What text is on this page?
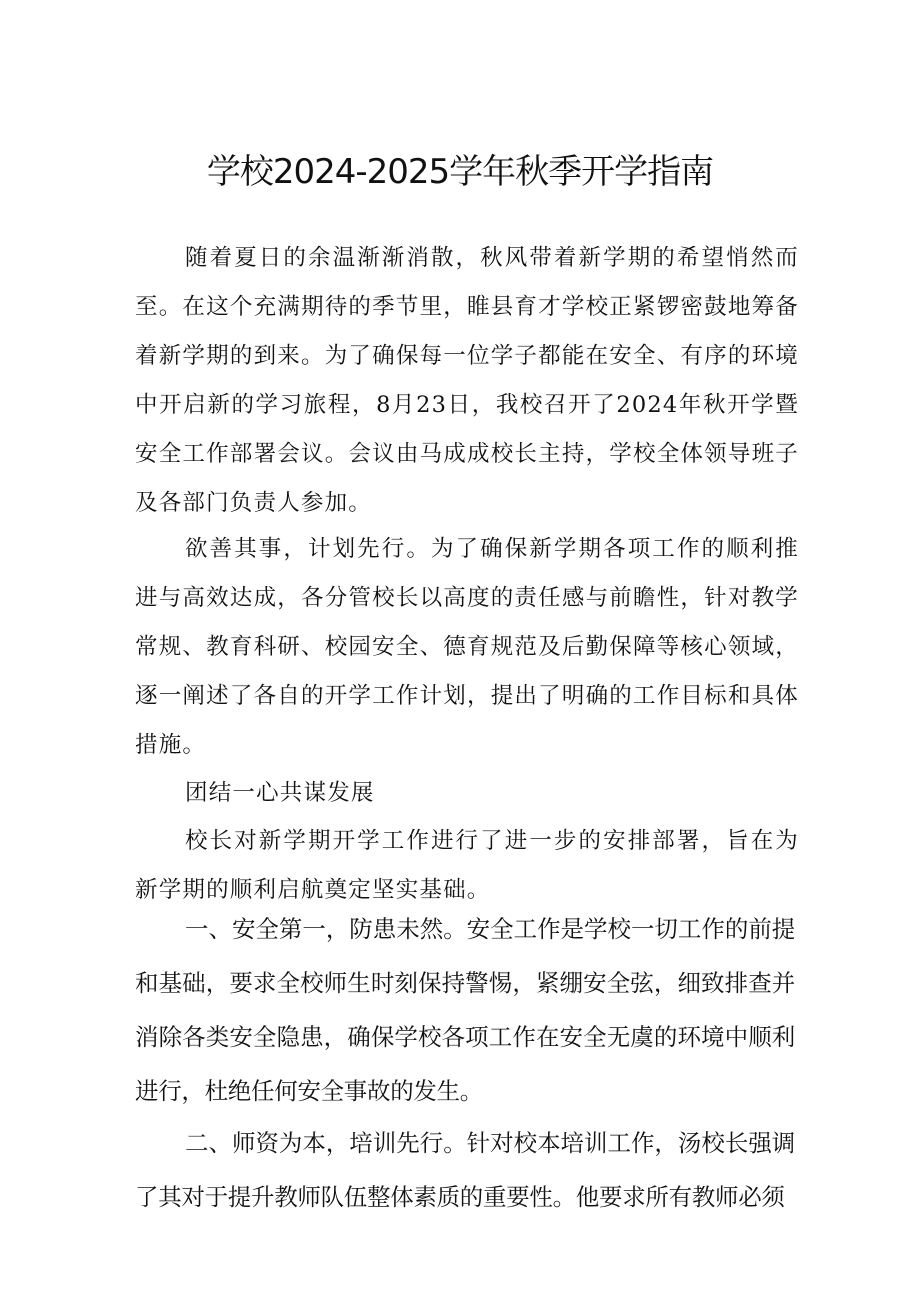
学校2024-2025学年秋季开学指南

随着夏日的余温渐渐消散，秋风带着新学期的希望悄然而至。在这个充满期待的季节里，睢县育才学校正紧锣密鼓地筹备着新学期的到来。为了确保每一位学子都能在安全、有序的环境中开启新的学习旅程，8月23日，我校召开了2024年秋开学暨安全工作部署会议。会议由马成成校长主持，学校全体领导班子及各部门负责人参加。

欲善其事，计划先行。为了确保新学期各项工作的顺利推进与高效达成，各分管校长以高度的责任感与前瞻性，针对教学常规、教育科研、校园安全、德育规范及后勤保障等核心领域，逐一阐述了各自的开学工作计划，提出了明确的工作目标和具体措施。

团结一心共谋发展

校长对新学期开学工作进行了进一步的安排部署，旨在为新学期的顺利启航奠定坚实基础。

一、安全第一，防患未然。安全工作是学校一切工作的前提和基础，要求全校师生时刻保持警惕，紧绷安全弦，细致排查并消除各类安全隐患，确保学校各项工作在安全无虞的环境中顺利进行，杜绝任何安全事故的发生。

二、师资为本，培训先行。针对校本培训工作，汤校长强调了其对于提升教师队伍整体素质的重要性。他要求所有教师必须
